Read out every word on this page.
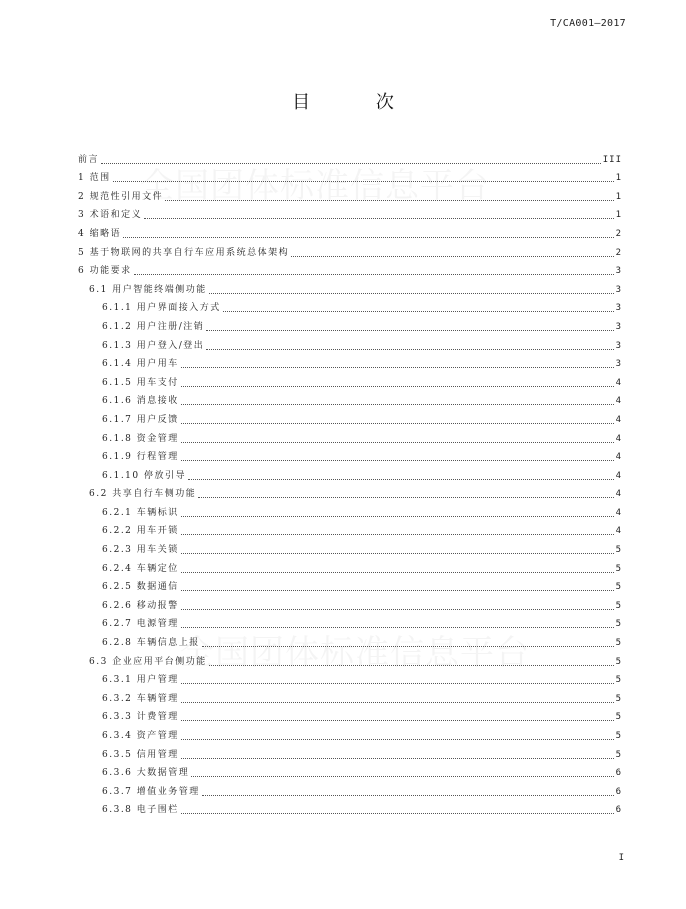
T/CA001—2017
目 次
前言	III
1 范围	1
2 规范性引用文件	1
3 术语和定义	1
4 缩略语	2
5 基于物联网的共享自行车应用系统总体架构	2
6 功能要求	3
6.1 用户智能终端侧功能	3
6.1.1 用户界面接入方式	3
6.1.2 用户注册/注销	3
6.1.3 用户登入/登出	3
6.1.4 用户用车	3
6.1.5 用车支付	4
6.1.6 消息接收	4
6.1.7 用户反馈	4
6.1.8 资金管理	4
6.1.9 行程管理	4
6.1.10 停放引导	4
6.2 共享自行车侧功能	4
6.2.1 车辆标识	4
6.2.2 用车开锁	4
6.2.3 用车关锁	5
6.2.4 车辆定位	5
6.2.5 数据通信	5
6.2.6 移动报警	5
6.2.7 电源管理	5
6.2.8 车辆信息上报	5
6.3 企业应用平台侧功能	5
6.3.1 用户管理	5
6.3.2 车辆管理	5
6.3.3 计费管理	5
6.3.4 资产管理	5
6.3.5 信用管理	5
6.3.6 大数据管理	6
6.3.7 增值业务管理	6
6.3.8 电子围栏	6
I
